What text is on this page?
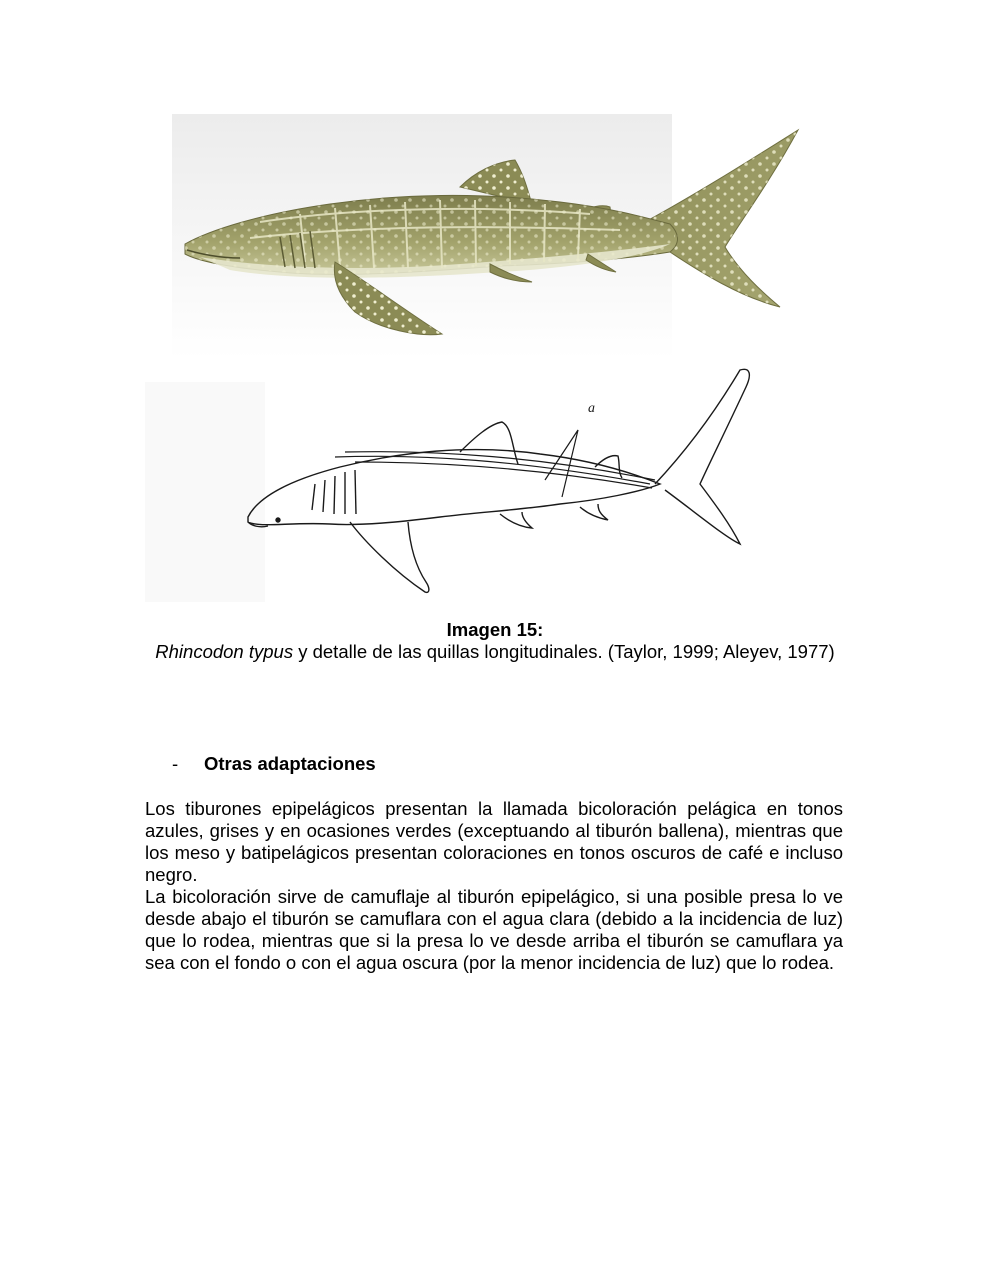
a
Imagen 15:
Rhincodon typus y detalle de las quillas longitudinales. (Taylor, 1999; Aleyev, 1977)
- Otras adaptaciones

Los tiburones epipelágicos presentan la llamada bicoloración pelágica en tonos azules, grises y en ocasiones verdes (exceptuando al tiburón ballena), mientras que los meso y batipelágicos presentan coloraciones en tonos oscuros de café e incluso negro.

La bicoloración sirve de camuflaje al tiburón epipelágico, si una posible presa lo ve desde abajo el tiburón se camuflara con el agua clara (debido a la incidencia de luz) que lo rodea, mientras que si la presa lo ve desde arriba el tiburón se camuflara ya sea con el fondo o con el agua oscura (por la menor incidencia de luz) que lo rodea.
